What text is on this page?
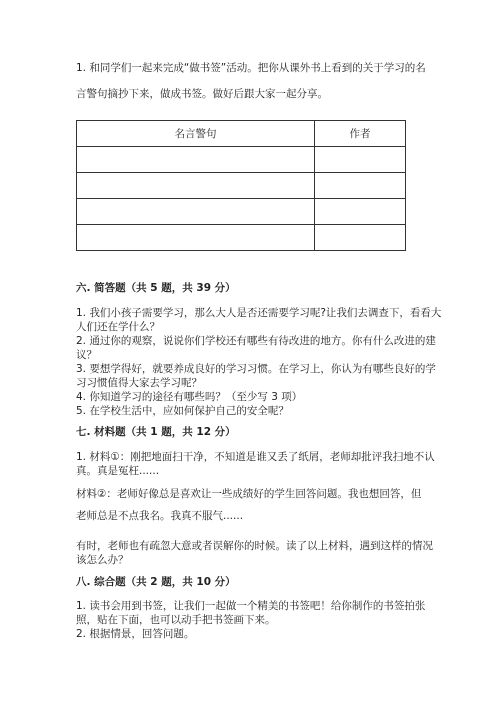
1. 和同学们一起来完成“做书签”活动。把你从课外书上看到的关于学习的名
言警句摘抄下来，做成书签。做好后跟大家一起分享。
名言警句	作者

六. 简答题（共 5 题，共 39 分）
1. 我们小孩子需要学习，那么大人是否还需要学习呢?让我们去调查下，看看大
人们还在学什么？
2. 通过你的观察，说说你们学校还有哪些有待改进的地方。你有什么改进的建
议？
3. 要想学得好，就要养成良好的学习习惯。在学习上，你认为有哪些良好的学
习习惯值得大家去学习呢？
4. 你知道学习的途径有哪些吗？（至少写 3 项）
5. 在学校生活中，应如何保护自己的安全呢？
七. 材料题（共 1 题，共 12 分）
1. 材料①：刚把地面扫干净，不知道是谁又丢了纸屑，老师却批评我扫地不认
真。真是冤枉......
材料②：老师好像总是喜欢让一些成绩好的学生回答问题。我也想回答，但
老师总是不点我名。我真不服气......
有时，老师也有疏忽大意或者误解你的时候。读了以上材料，遇到这样的情况
该怎么办？
八. 综合题（共 2 题，共 10 分）
1. 读书会用到书签，让我们一起做一个精美的书签吧！给你制作的书签拍张
照，贴在下面，也可以动手把书签画下来。
2. 根据情景，回答问题。
